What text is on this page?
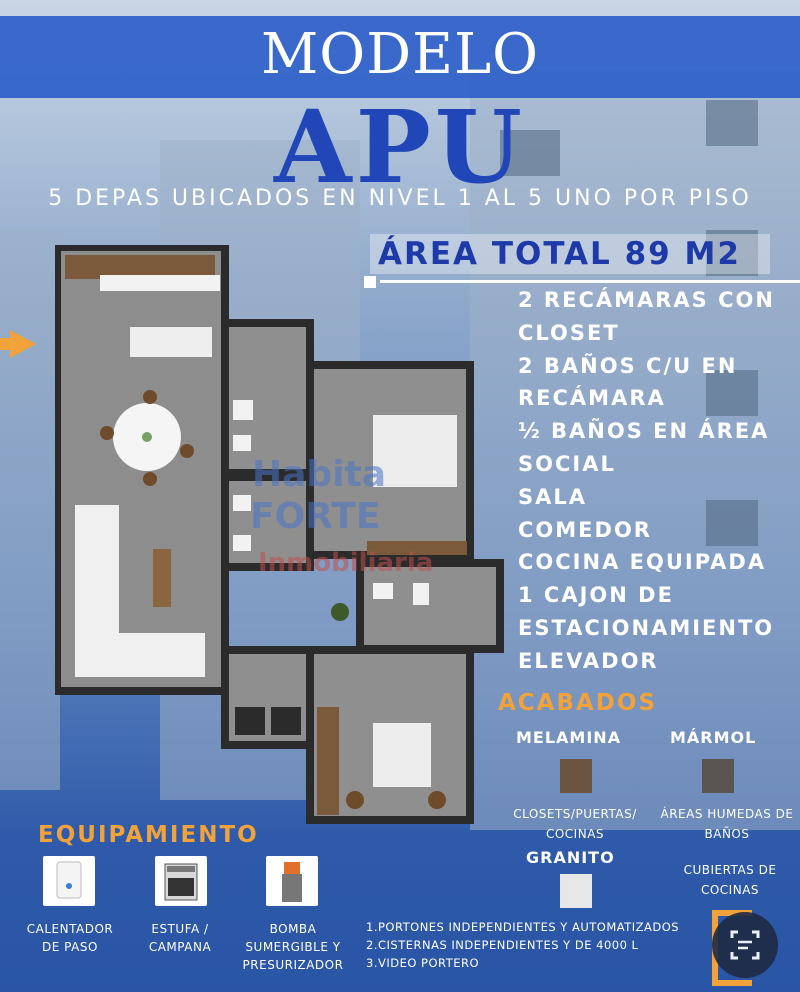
MODELO
APU
5 DEPAS UBICADOS EN NIVEL 1 AL 5 UNO POR PISO
ÁREA TOTAL 89 M2
2 RECÁMARAS CON
CLOSET
2 BAÑOS C/U EN
RECÁMARA
½ BAÑOS EN ÁREA
SOCIAL
SALA
COMEDOR
COCINA EQUIPADA
1 CAJON DE
ESTACIONAMIENTO
ELEVADOR
Habita
FORTE
Inmobiliaria
ACABADOS
MELAMINA	MÁRMOL
CLOSETS/PUERTAS/
COCINAS
ÁREAS HUMEDAS DE
BAÑOS
GRANITO
CUBIERTAS DE
COCINAS
EQUIPAMIENTO
CALENTADOR
DE PASO
ESTUFA /
CAMPANA
BOMBA
SUMERGIBLE Y
PRESURIZADOR
1.PORTONES INDEPENDIENTES Y AUTOMATIZADOS
2.CISTERNAS INDEPENDIENTES Y DE 4000 L
3.VIDEO PORTERO
